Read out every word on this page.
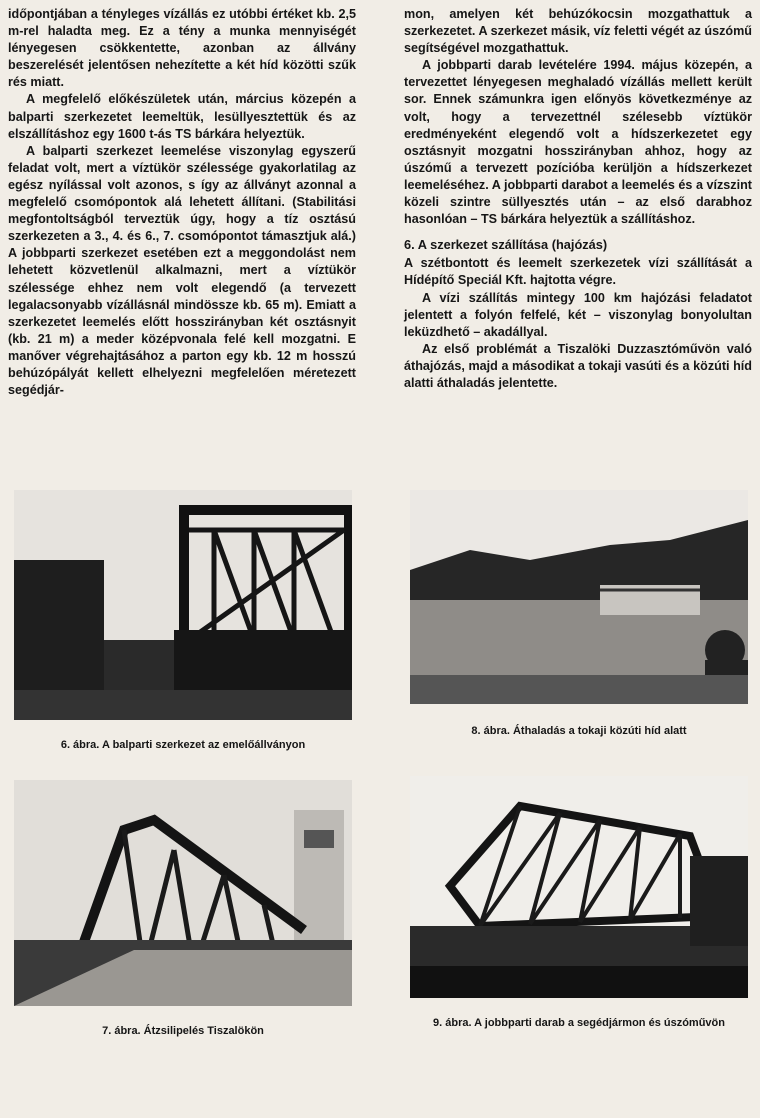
időpontjában a tényleges vízállás ez utóbbi értéket kb. 2,5 m-rel haladta meg. Ez a tény a munka mennyiségét lényegesen csökkentette, azonban az állvány beszerelését jelentősen nehezítette a két híd közötti szűk rés miatt.

A megfelelő előkészületek után, március közepén a balparti szerkezetet leemeltük, lesüllyesztettük és az elszállításhoz egy 1600 t-ás TS bárkára helyeztük.

A balparti szerkezet leemelése viszonylag egyszerű feladat volt, mert a víztükör szélessége gyakorlatilag az egész nyílással volt azonos, s így az állványt azonnal a megfelelő csomópontok alá lehetett állítani. (Stabilitási megfontoltságból terveztük úgy, hogy a tíz osztású szerkezeten a 3., 4. és 6., 7. csomópontot támasztjuk alá.) A jobbparti szerkezet esetében ezt a meggondolást nem lehetett közvetlenül alkalmazni, mert a víztükör szélessége ehhez nem volt elegendő (a tervezett legalacsonyabb vízállásnál mindössze kb. 65 m). Emiatt a szerkezetet leemelés előtt hosszirányban két osztásnyit (kb. 21 m) a meder középvonala felé kell mozgatni. E manőver végrehajtásához a parton egy kb. 12 m hosszú behúzópályát kellett elhelyezni megfelelően méretezett segédjár-

mon, amelyen két behúzókocsin mozgathattuk a szerkezetet. A szerkezet másik, víz feletti végét az úszómű segítségével mozgathattuk.

A jobbparti darab levételére 1994. május közepén, a tervezettet lényegesen meghaladó vízállás mellett került sor. Ennek számunkra igen előnyös következménye az volt, hogy a tervezettnél szélesebb víztükör eredményeként elegendő volt a hídszerkezetet egy osztásnyit mozgatni hosszirányban ahhoz, hogy az úszómű a tervezett pozícióba kerüljön a hídszerkezet leemeléséhez. A jobbparti darabot a leemelés és a vízszint közeli szintre süllyesztés után – az első darabhoz hasonlóan – TS bárkára helyeztük a szállításhoz.

6. A szerkezet szállítása (hajózás)

A szétbontott és leemelt szerkezetek vízi szállítását a Hídépítő Speciál Kft. hajtotta végre.

A vízi szállítás mintegy 100 km hajózási feladatot jelentett a folyón felfelé, két – viszonylag bonyolultan leküzdhető – akadállyal.

Az első problémát a Tiszalöki Duzzasztóművön való áthajózás, majd a másodikat a tokaji vasúti és a közúti híd alatti áthaladás jelentette.

6. ábra. A balparti szerkezet az emelőállványon
8. ábra. Áthaladás a tokaji közúti híd alatt
7. ábra. Átzsilipelés Tiszalökön
9. ábra. A jobbparti darab a segédjármon és úszóművön
